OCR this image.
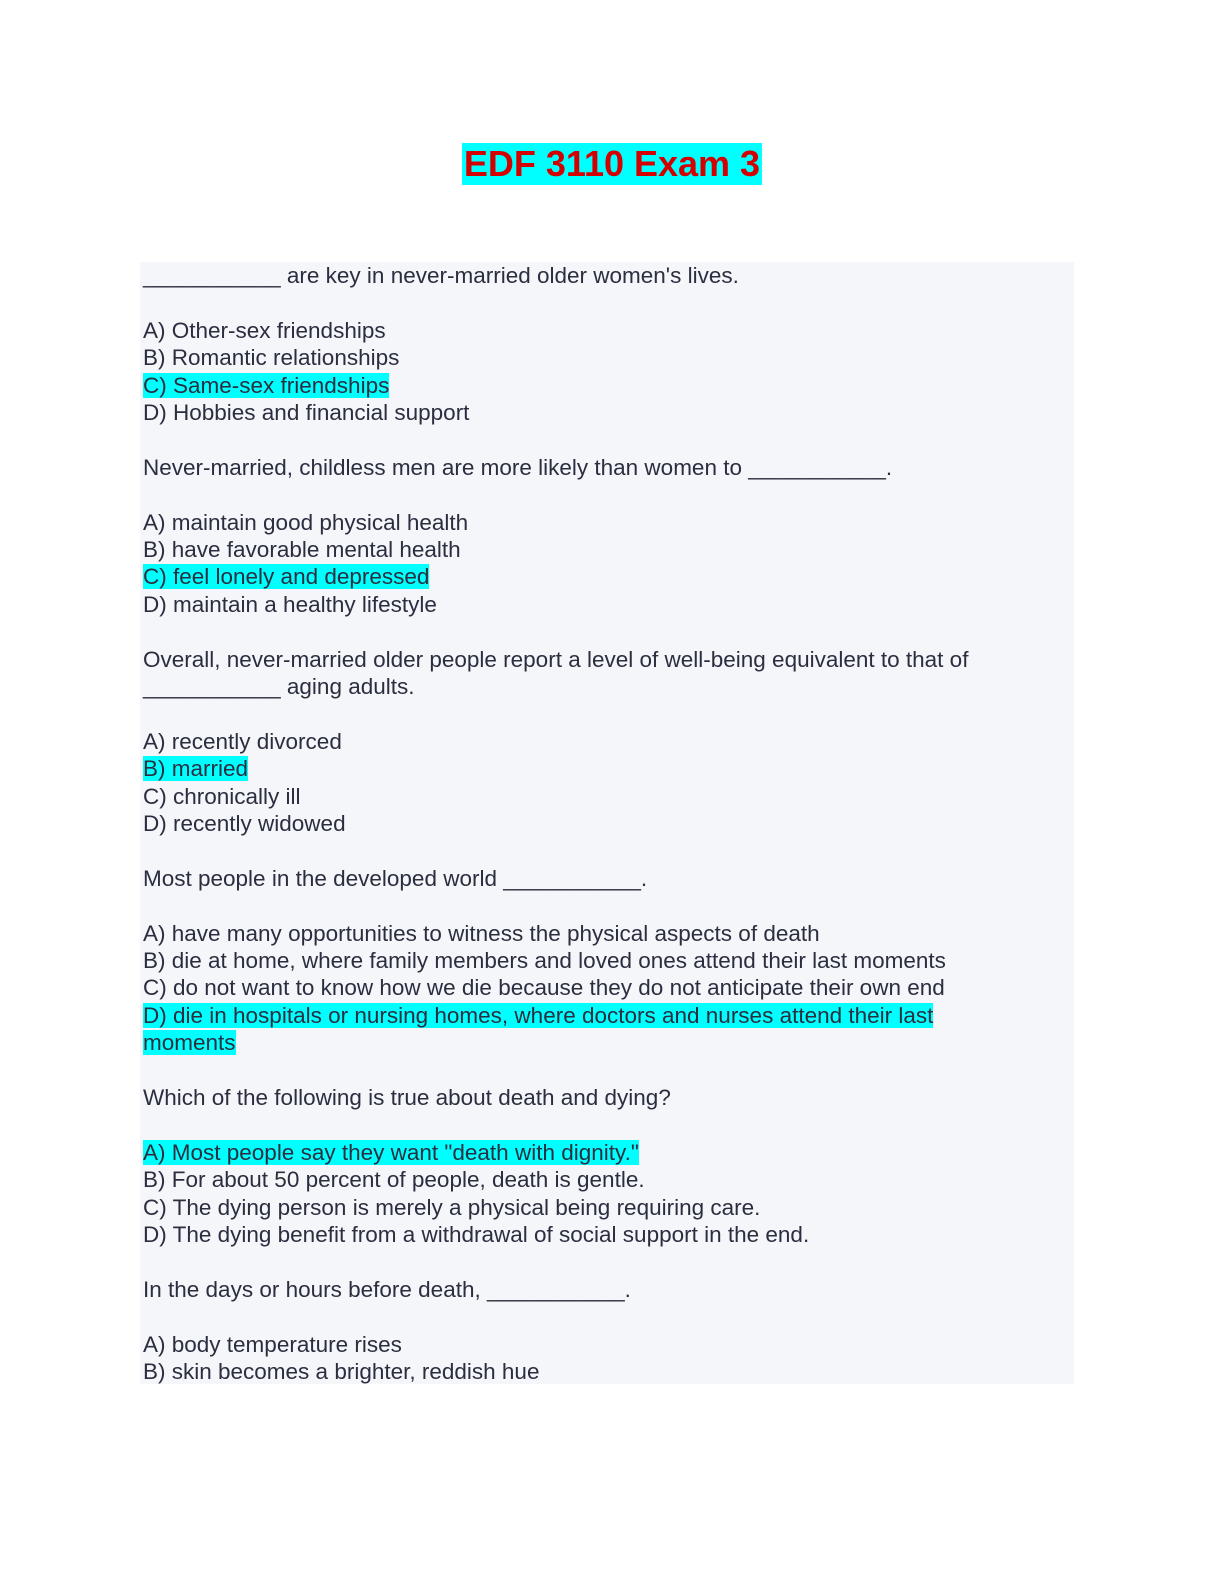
EDF 3110 Exam 3

___________ are key in never-married older women's lives.

A) Other-sex friendships

B) Romantic relationships

C) Same-sex friendships

D) Hobbies and financial support

Never-married, childless men are more likely than women to ___________.

A) maintain good physical health

B) have favorable mental health

C) feel lonely and depressed

D) maintain a healthy lifestyle

Overall, never-married older people report a level of well-being equivalent to that of ___________ aging adults.

A) recently divorced

B) married

C) chronically ill

D) recently widowed

Most people in the developed world ___________.

A) have many opportunities to witness the physical aspects of death

B) die at home, where family members and loved ones attend their last moments

C) do not want to know how we die because they do not anticipate their own end

D) die in hospitals or nursing homes, where doctors and nurses attend their last moments

Which of the following is true about death and dying?

A) Most people say they want "death with dignity."

B) For about 50 percent of people, death is gentle.

C) The dying person is merely a physical being requiring care.

D) The dying benefit from a withdrawal of social support in the end.

In the days or hours before death, ___________.

A) body temperature rises

B) skin becomes a brighter, reddish hue
